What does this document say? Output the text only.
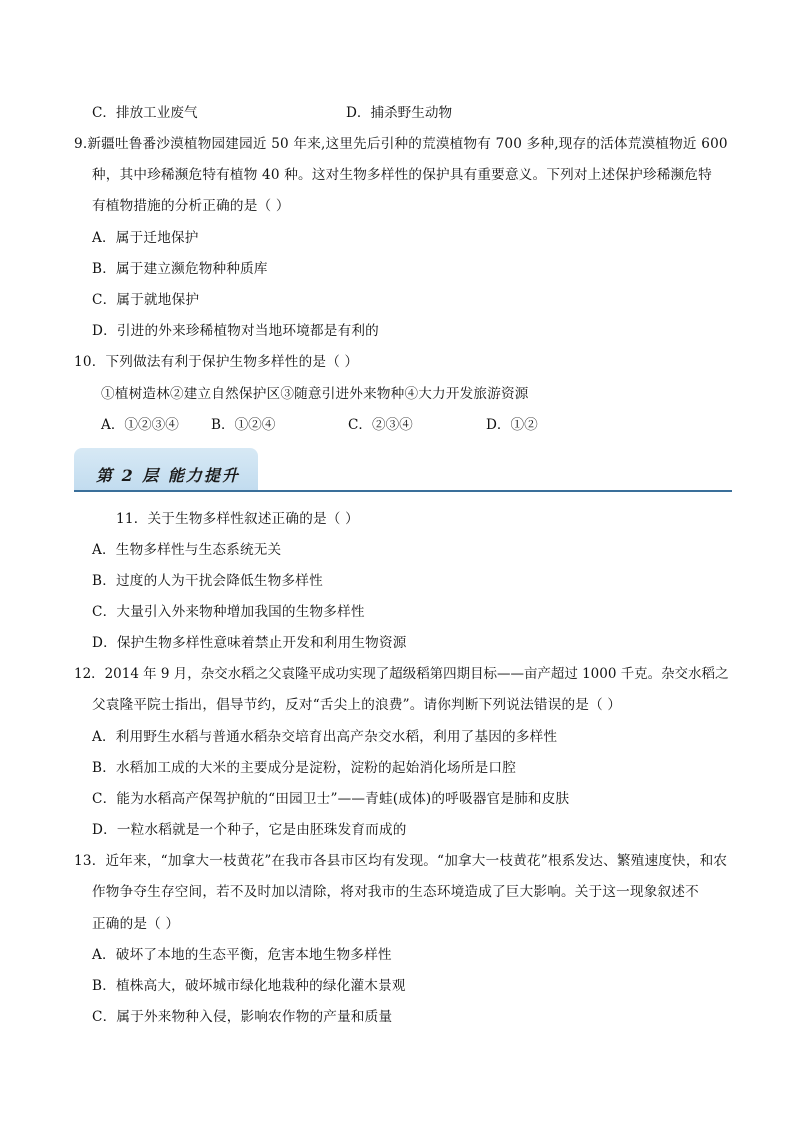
C．排放工业废气	D．捕杀野生动物
9.新疆吐鲁番沙漠植物园建园近 50 年来,这里先后引种的荒漠植物有 700 多种,现存的活体荒漠植物近 600
种，其中珍稀濒危特有植物 40 种。这对生物多样性的保护具有重要意义。下列对上述保护珍稀濒危特
有植物措施的分析正确的是（ ）
A．属于迁地保护
B．属于建立濒危物种种质库
C．属于就地保护
D．引进的外来珍稀植物对当地环境都是有利的
10．下列做法有利于保护生物多样性的是（ ）
①植树造林②建立自然保护区③随意引进外来物种④大力开发旅游资源
A．①②③④ B．①②④	C．②③④	D．①②
第 2 层 能力提升
11．关于生物多样性叙述正确的是（ ）
A．生物多样性与生态系统无关
B．过度的人为干扰会降低生物多样性
C．大量引入外来物种增加我国的生物多样性
D．保护生物多样性意味着禁止开发和利用生物资源
12．2014 年 9 月，杂交水稻之父袁隆平成功实现了超级稻第四期目标——亩产超过 1000 千克。杂交水稻之
父袁隆平院士指出，倡导节约，反对“舌尖上的浪费”。请你判断下列说法错误的是（ ）
A．利用野生水稻与普通水稻杂交培育出高产杂交水稻，利用了基因的多样性
B．水稻加工成的大米的主要成分是淀粉，淀粉的起始消化场所是口腔
C．能为水稻高产保驾护航的“田园卫士”——青蛙(成体)的呼吸器官是肺和皮肤
D．一粒水稻就是一个种子，它是由胚珠发育而成的
13．近年来，“加拿大一枝黄花”在我市各县市区均有发现。“加拿大一枝黄花”根系发达、繁殖速度快，和农
作物争夺生存空间，若不及时加以清除，将对我市的生态环境造成了巨大影响。关于这一现象叙述不
正确的是（ ）
A．破坏了本地的生态平衡，危害本地生物多样性
B．植株高大，破坏城市绿化地栽种的绿化灌木景观
C．属于外来物种入侵，影响农作物的产量和质量
